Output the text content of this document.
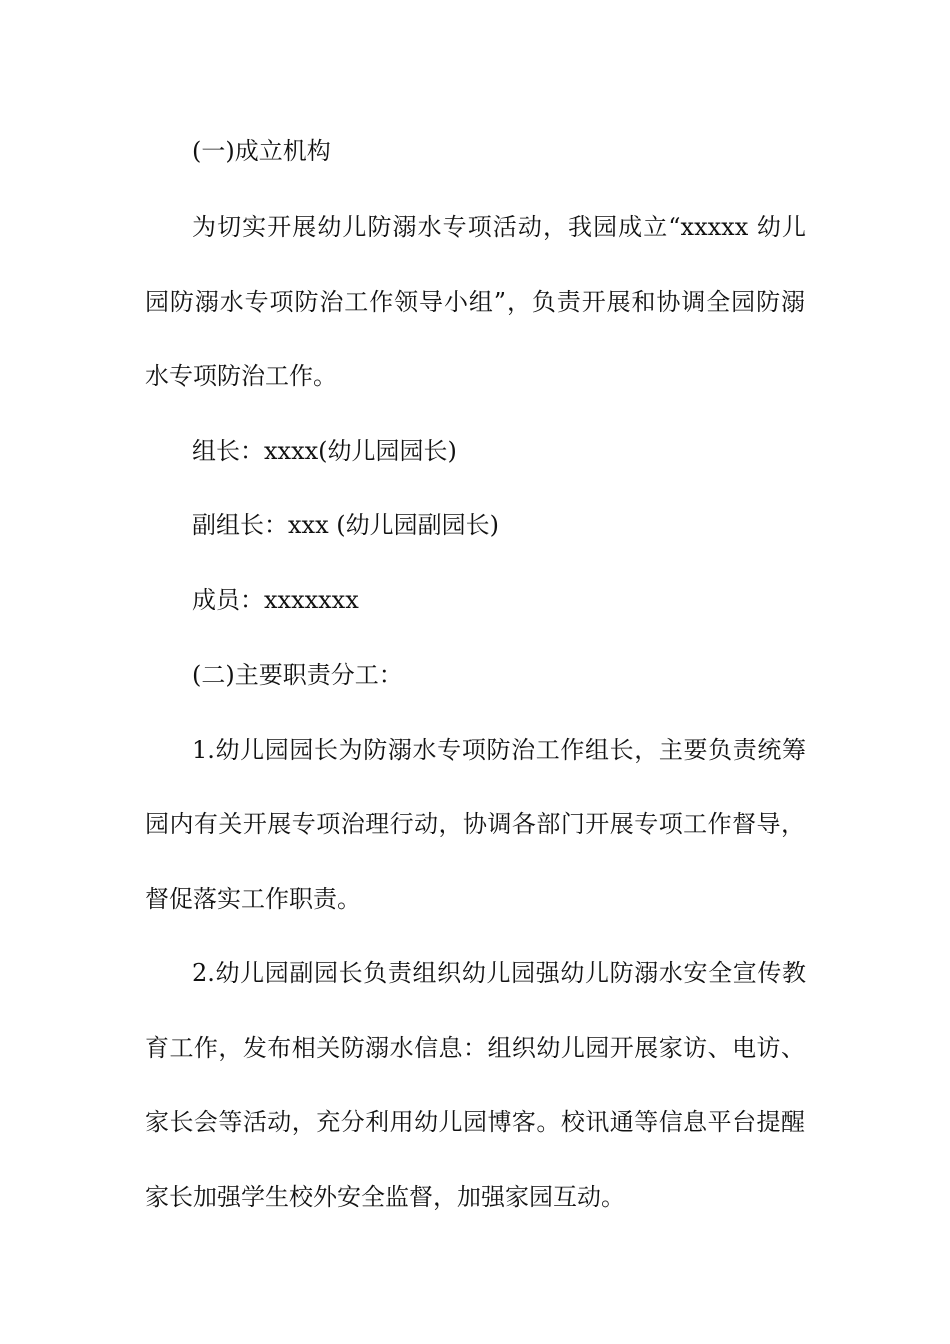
(一)成立机构
为切实开展幼儿防溺水专项活动，我园成立“xxxxx 幼儿
园防溺水专项防治工作领导小组”，负责开展和协调全园防溺
水专项防治工作。
组长：xxxx(幼儿园园长)
副组长：xxx (幼儿园副园长)
成员：xxxxxxx
(二)主要职责分工：
1.幼儿园园长为防溺水专项防治工作组长，主要负责统筹
园内有关开展专项治理行动，协调各部门开展专项工作督导，
督促落实工作职责。
2.幼儿园副园长负责组织幼儿园强幼儿防溺水安全宣传教
育工作，发布相关防溺水信息：组织幼儿园开展家访、电访、
家长会等活动，充分利用幼儿园博客。校讯通等信息平台提醒
家长加强学生校外安全监督，加强家园互动。
